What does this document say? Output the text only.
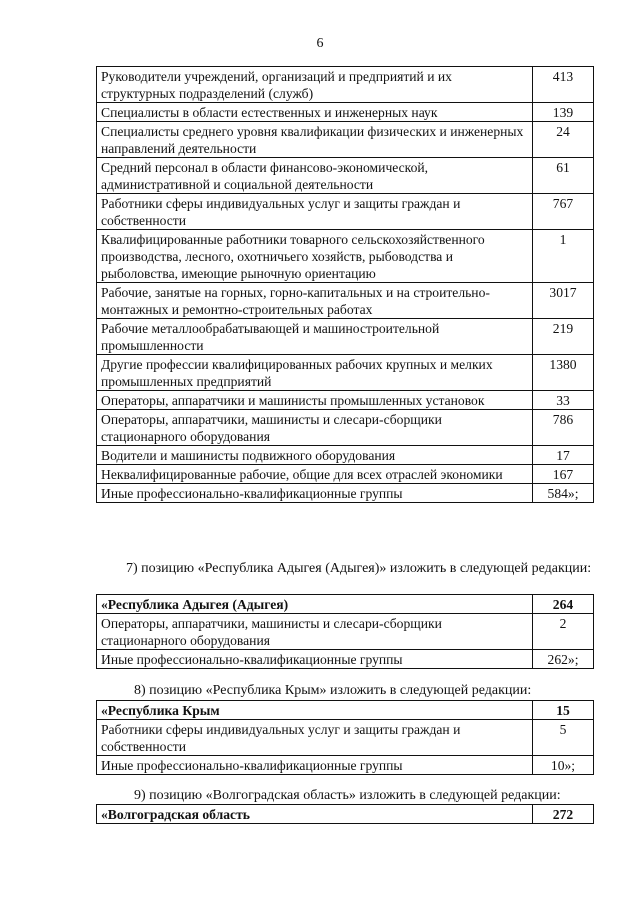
6
Руководители учреждений, организаций и предприятий и их структурных подразделений (служб)	413
Специалисты в области естественных и инженерных наук	139
Специалисты среднего уровня квалификации физических и инженерных направлений деятельности	24
Средний персонал в области финансово-экономической, административной и социальной деятельности	61
Работники сферы индивидуальных услуг и защиты граждан и собственности	767
Квалифицированные работники товарного сельскохозяйственного производства, лесного, охотничьего хозяйств, рыбоводства и рыболовства, имеющие рыночную ориентацию	1
Рабочие, занятые на горных, горно-капитальных и на строительно-монтажных и ремонтно-строительных работах	3017
Рабочие металлообрабатывающей и машиностроительной промышленности	219
Другие профессии квалифицированных рабочих крупных и мелких промышленных предприятий	1380
Операторы, аппаратчики и машинисты промышленных установок	33
Операторы, аппаратчики, машинисты и слесари-сборщики стационарного оборудования	786
Водители и машинисты подвижного оборудования	17
Неквалифицированные рабочие, общие для всех отраслей экономики	167
Иные профессионально-квалификационные группы	584»;
7) позицию «Республика Адыгея (Адыгея)» изложить в следующей редакции:
«Республика Адыгея (Адыгея)	264
Операторы, аппаратчики, машинисты и слесари-сборщики стационарного оборудования	2
Иные профессионально-квалификационные группы	262»;
8) позицию «Республика Крым» изложить в следующей редакции:
«Республика Крым	15
Работники сферы индивидуальных услуг и защиты граждан и собственности	5
Иные профессионально-квалификационные группы	10»;
9) позицию «Волгоградская область» изложить в следующей редакции:
«Волгоградская область	272
